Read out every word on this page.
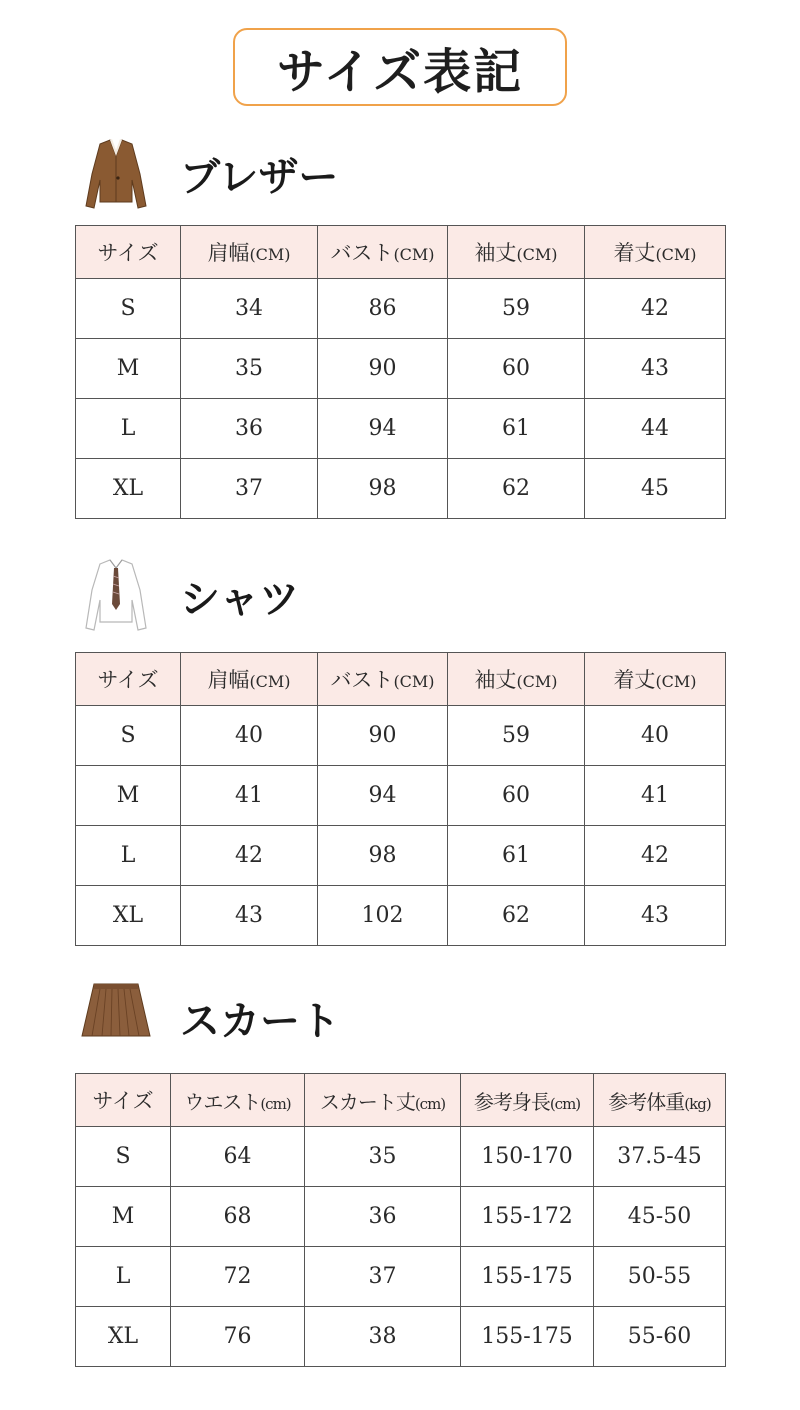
サイズ表記
ブレザー
サイズ	肩幅(CM)	バスト(CM)	袖丈(CM)	着丈(CM)
S	34	86	59	42
M	35	90	60	43
L	36	94	61	44
XL	37	98	62	45
シャツ
サイズ	肩幅(CM)	バスト(CM)	袖丈(CM)	着丈(CM)
S	40	90	59	40
M	41	94	60	41
L	42	98	61	42
XL	43	102	62	43
スカート
サイズ	ウエスト(cm)	スカート丈(cm)	参考身長(cm)	参考体重(kg)
S	64	35	150-170	37.5-45
M	68	36	155-172	45-50
L	72	37	155-175	50-55
XL	76	38	155-175	55-60
